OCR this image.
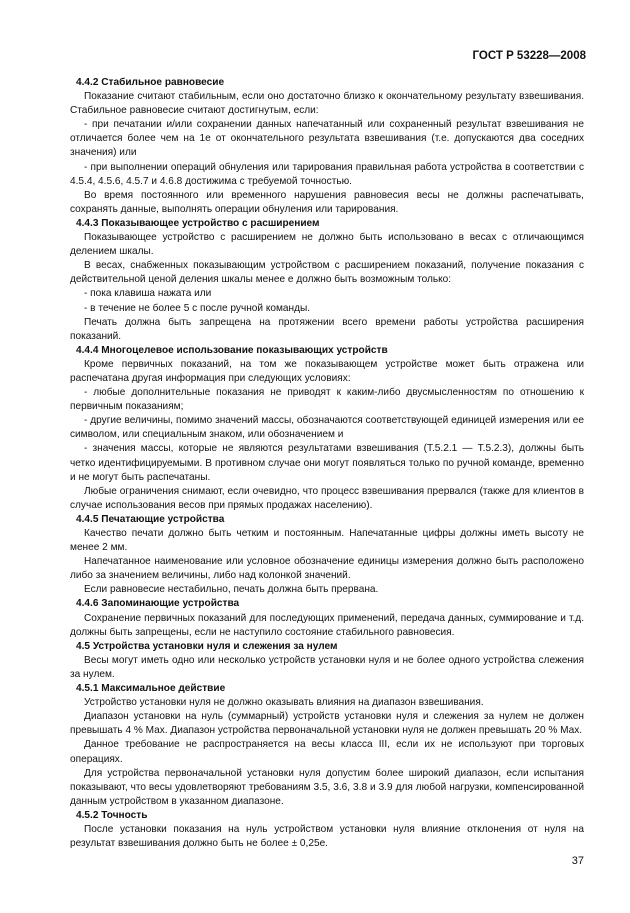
ГОСТ Р 53228—2008

4.4.2 Стабильное равновесие

Показание считают стабильным, если оно достаточно близко к окончательному результату взвешивания. Стабильное равновесие считают достигнутым, если:

- при печатании и/или сохранении данных напечатанный или сохраненный результат взвешивания не отличается более чем на 1e от окончательного результата взвешивания (т.е. допускаются два соседних значения) или

- при выполнении операций обнуления или тарирования правильная работа устройства в соответствии с 4.5.4, 4.5.6, 4.5.7 и 4.6.8 достижима с требуемой точностью.

Во время постоянного или временного нарушения равновесия весы не должны распечатывать, сохранять данные, выполнять операции обнуления или тарирования.

4.4.3 Показывающее устройство с расширением

Показывающее устройство с расширением не должно быть использовано в весах с отличающимся делением шкалы.

В весах, снабженных показывающим устройством с расширением показаний, получение показания с действительной ценой деления шкалы менее e должно быть возможным только:

- пока клавиша нажата или

- в течение не более 5 с после ручной команды.

Печать должна быть запрещена на протяжении всего времени работы устройства расширения показаний.

4.4.4 Многоцелевое использование показывающих устройств

Кроме первичных показаний, на том же показывающем устройстве может быть отражена или распечатана другая информация при следующих условиях:

- любые дополнительные показания не приводят к каким-либо двусмысленностям по отношению к первичным показаниям;

- другие величины, помимо значений массы, обозначаются соответствующей единицей измерения или ее символом, или специальным знаком, или обозначением и

- значения массы, которые не являются результатами взвешивания (Т.5.2.1 — Т.5.2.3), должны быть четко идентифицируемыми. В противном случае они могут появляться только по ручной команде, временно и не могут быть распечатаны.

Любые ограничения снимают, если очевидно, что процесс взвешивания прервался (также для клиентов в случае использования весов при прямых продажах населению).

4.4.5 Печатающие устройства

Качество печати должно быть четким и постоянным. Напечатанные цифры должны иметь высоту не менее 2 мм.

Напечатанное наименование или условное обозначение единицы измерения должно быть расположено либо за значением величины, либо над колонкой значений.

Если равновесие нестабильно, печать должна быть прервана.

4.4.6 Запоминающие устройства

Сохранение первичных показаний для последующих применений, передача данных, суммирование и т.д. должны быть запрещены, если не наступило состояние стабильного равновесия.

4.5 Устройства установки нуля и слежения за нулем

Весы могут иметь одно или несколько устройств установки нуля и не более одного устройства слежения за нулем.

4.5.1 Максимальное действие

Устройство установки нуля не должно оказывать влияния на диапазон взвешивания.

Диапазон установки на нуль (суммарный) устройств установки нуля и слежения за нулем не должен превышать 4 % Max. Диапазон устройства первоначальной установки нуля не должен превышать 20 % Max.

Данное требование не распространяется на весы класса III, если их не используют при торговых операциях.

Для устройства первоначальной установки нуля допустим более широкий диапазон, если испытания показывают, что весы удовлетворяют требованиям 3.5, 3.6, 3.8 и 3.9 для любой нагрузки, компенсированной данным устройством в указанном диапазоне.

4.5.2 Точность

После установки показания на нуль устройством установки нуля влияние отклонения от нуля на результат взвешивания должно быть не более ± 0,25e.

37
